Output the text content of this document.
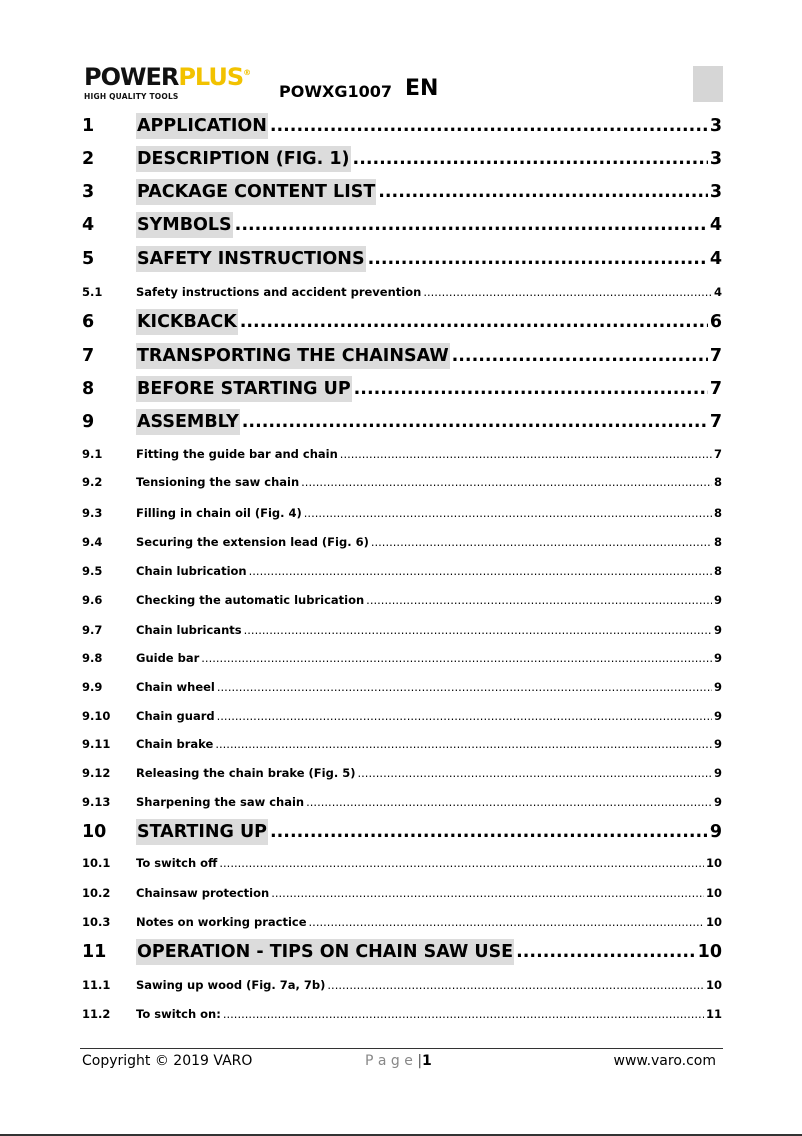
POWERPLUS®
HIGH QUALITY TOOLS	POWXG1007 EN
1	APPLICATION .....	3
2	DESCRIPTION (FIG. 1) .....	3
3	PACKAGE CONTENT LIST .....	3
4	SYMBOLS .....	4
5	SAFETY INSTRUCTIONS .....	4
5.1	Safety instructions and accident prevention .....	4
6	KICKBACK .....	6
7	TRANSPORTING THE CHAINSAW .....	7
8	BEFORE STARTING UP .....	7
9	ASSEMBLY .....	7
9.1	Fitting the guide bar and chain .....	7
9.2	Tensioning the saw chain .....	8
9.3	Filling in chain oil (Fig. 4) .....	8
9.4	Securing the extension lead (Fig. 6) .....	8
9.5	Chain lubrication .....	8
9.6	Checking the automatic lubrication .....	9
9.7	Chain lubricants .....	9
9.8	Guide bar .....	9
9.9	Chain wheel .....	9
9.10	Chain guard .....	9
9.11	Chain brake .....	9
9.12	Releasing the chain brake (Fig. 5) .....	9
9.13	Sharpening the saw chain .....	9
10	STARTING UP .....	9
10.1	To switch off .....	10
10.2	Chainsaw protection .....	10
10.3	Notes on working practice .....	10
11	OPERATION - TIPS ON CHAIN SAW USE .....	10
11.1	Sawing up wood (Fig. 7a, 7b) .....	10
11.2	To switch on: .....	11
Copyright © 2019 VARO	P a g e |1	www.varo.com
